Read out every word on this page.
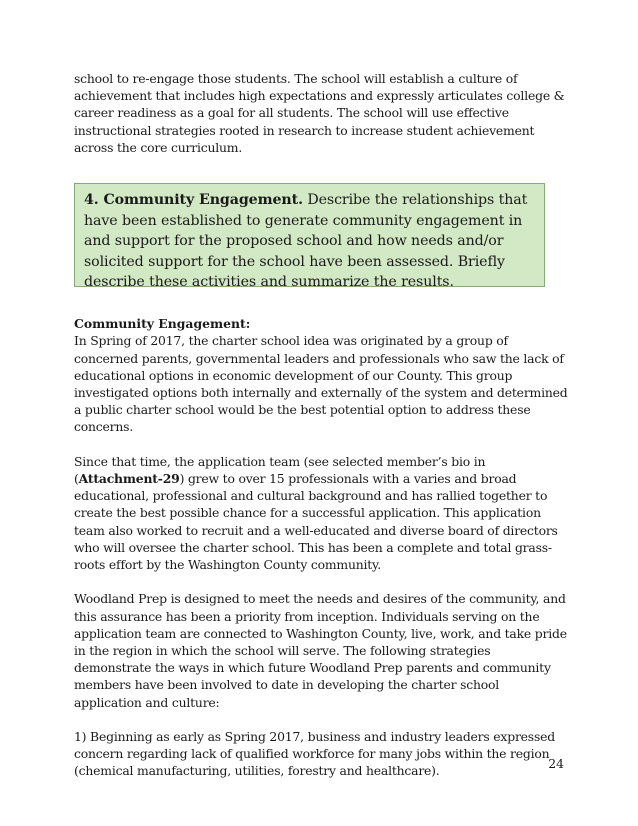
school to re-engage those students. The school will establish a culture of achievement that includes high expectations and expressly articulates college & career readiness as a goal for all students. The school will use effective instructional strategies rooted in research to increase student achievement across the core curriculum.

4. Community Engagement. Describe the relationships that have been established to generate community engagement in and support for the proposed school and how needs and/or solicited support for the school have been assessed. Briefly describe these activities and summarize the results.

Community Engagement:

In Spring of 2017, the charter school idea was originated by a group of concerned parents, governmental leaders and professionals who saw the lack of educational options in economic development of our County. This group investigated options both internally and externally of the system and determined a public charter school would be the best potential option to address these concerns.

Since that time, the application team (see selected member’s bio in (Attachment-29) grew to over 15 professionals with a varies and broad educational, professional and cultural background and has rallied together to create the best possible chance for a successful application. This application team also worked to recruit and a well-educated and diverse board of directors who will oversee the charter school. This has been a complete and total grass-roots effort by the Washington County community.

Woodland Prep is designed to meet the needs and desires of the community, and this assurance has been a priority from inception. Individuals serving on the application team are connected to Washington County, live, work, and take pride in the region in which the school will serve. The following strategies demonstrate the ways in which future Woodland Prep parents and community members have been involved to date in developing the charter school application and culture:

1) Beginning as early as Spring 2017, business and industry leaders expressed concern regarding lack of qualified workforce for many jobs within the region (chemical manufacturing, utilities, forestry and healthcare).	24
